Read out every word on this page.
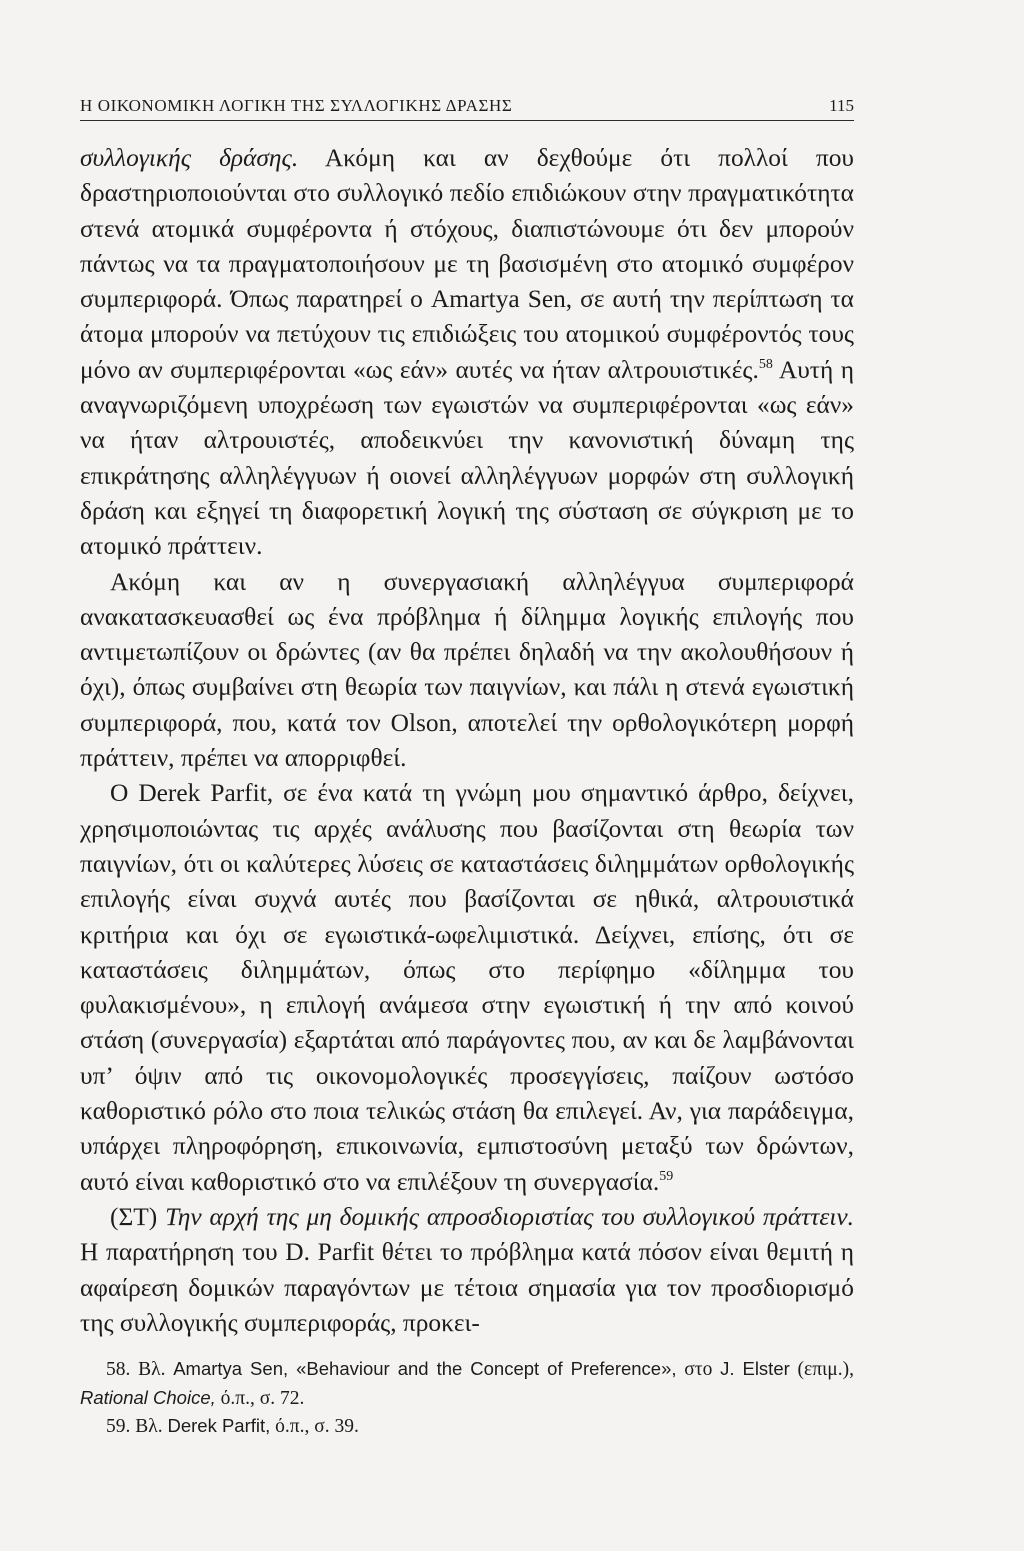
Η ΟΙΚΟΝΟΜΙΚΗ ΛΟΓΙΚΗ ΤΗΣ ΣΥΛΛΟΓΙΚΗΣ ΔΡΑΣΗΣ	115

συλλογικής δράσης. Ακόμη και αν δεχθούμε ότι πολλοί που δραστηριοποιούνται στο συλλογικό πεδίο επιδιώκουν στην πραγματικότητα στενά ατομικά συμφέροντα ή στόχους, διαπιστώνουμε ότι δεν μπορούν πάντως να τα πραγματοποιήσουν με τη βασισμένη στο ατομικό συμφέρον συμπεριφορά. Όπως παρατηρεί ο Amartya Sen, σε αυτή την περίπτωση τα άτομα μπορούν να πετύχουν τις επιδιώξεις του ατομικού συμφέροντός τους μόνο αν συμπεριφέρονται «ως εάν» αυτές να ήταν αλτρουιστικές.$^{58}$ Αυτή η αναγνωριζόμενη υποχρέωση των εγωιστών να συμπεριφέρονται «ως εάν» να ήταν αλτρουιστές, αποδεικνύει την κανονιστική δύναμη της επικράτησης αλληλέγγυων ή οιονεί αλληλέγγυων μορφών στη συλλογική δράση και εξηγεί τη διαφορετική λογική της σύσταση σε σύγκριση με το ατομικό πράττειν.

Ακόμη και αν η συνεργασιακή αλληλέγγυα συμπεριφορά ανακατασκευασθεί ως ένα πρόβλημα ή δίλημμα λογικής επιλογής που αντιμετωπίζουν οι δρώντες (αν θα πρέπει δηλαδή να την ακολουθήσουν ή όχι), όπως συμβαίνει στη θεωρία των παιγνίων, και πάλι η στενά εγωιστική συμπεριφορά, που, κατά τον Olson, αποτελεί την ορθολογικότερη μορφή πράττειν, πρέπει να απορριφθεί.

Ο Derek Parfit, σε ένα κατά τη γνώμη μου σημαντικό άρθρο, δείχνει, χρησιμοποιώντας τις αρχές ανάλυσης που βασίζονται στη θεωρία των παιγνίων, ότι οι καλύτερες λύσεις σε καταστάσεις διλημμάτων ορθολογικής επιλογής είναι συχνά αυτές που βασίζονται σε ηθικά, αλτρουιστικά κριτήρια και όχι σε εγωιστικά-ωφελιμιστικά. Δείχνει, επίσης, ότι σε καταστάσεις διλημμάτων, όπως στο περίφημο «δίλημμα του φυλακισμένου», η επιλογή ανάμεσα στην εγωιστική ή την από κοινού στάση (συνεργασία) εξαρτάται από παράγοντες που, αν και δε λαμβάνονται υπ’ όψιν από τις οικονομολογικές προσεγγίσεις, παίζουν ωστόσο καθοριστικό ρόλο στο ποια τελικώς στάση θα επιλεγεί. Αν, για παράδειγμα, υπάρχει πληροφόρηση, επικοινωνία, εμπιστοσύνη μεταξύ των δρώντων, αυτό είναι καθοριστικό στο να επιλέξουν τη συνεργασία.$^{59}$

(ΣΤ) Την αρχή της μη δομικής απροσδιοριστίας του συλλογικού πράττειν. Η παρατήρηση του D. Parfit θέτει το πρόβλημα κατά πόσον είναι θεμιτή η αφαίρεση δομικών παραγόντων με τέτοια σημασία για τον προσδιορισμό της συλλογικής συμπεριφοράς, προκει-

58. Βλ. Amartya Sen, «Behaviour and the Concept of Preference», στο J. Elster (επιμ.), Rational Choice, ό.π., σ. 72.

59. Βλ. Derek Parfit, ό.π., σ. 39.
